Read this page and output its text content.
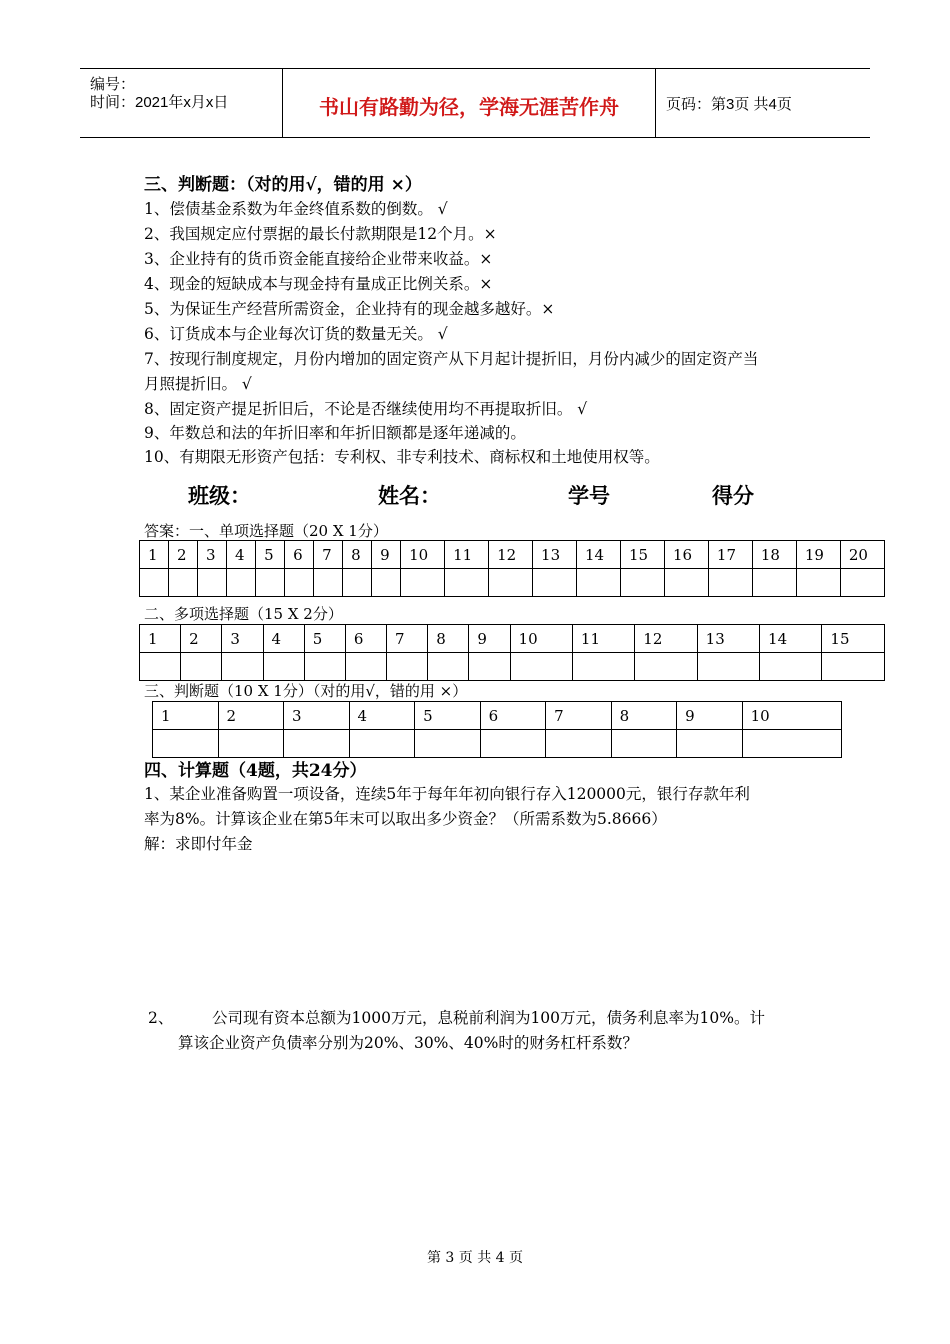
编号：
时间：2021年x月x日	书山有路勤为径，学海无涯苦作舟	页码：第3页 共4页
三、判断题：（对的用√，错的用 ×）
1、偿债基金系数为年金终值系数的倒数。 √
2、我国规定应付票据的最长付款期限是12个月。×
3、企业持有的货币资金能直接给企业带来收益。×
4、现金的短缺成本与现金持有量成正比例关系。×
5、为保证生产经营所需资金，企业持有的现金越多越好。×
6、订货成本与企业每次订货的数量无关。 √
7、按现行制度规定，月份内增加的固定资产从下月起计提折旧，月份内减少的固定资产当
月照提折旧。 √
8、固定资产提足折旧后，不论是否继续使用均不再提取折旧。 √
9、年数总和法的年折旧率和年折旧额都是逐年递减的。
10、有期限无形资产包括：专利权、非专利技术、商标权和土地使用权等。
班级：	姓名：	学号	得分
答案：一、单项选择题（20 X 1分）
1	2	3	4	5	6	7	8	9	10	11	12	13	14	15	16	17	18	19	20

二、多项选择题（15 X 2分）
1	2	3	4	5	6	7	8	9	10	11	12	13	14	15

三、判断题（10 X 1分）（对的用√，错的用 ×）
1	2	3	4	5	6	7	8	9	10

四、计算题（4题，共24分）
1、某企业准备购置一项设备，连续5年于每年年初向银行存入120000元，银行存款年利
率为8%。计算该企业在第5年末可以取出多少资金？（所需系数为5.8666）
解：求即付年金
2、 公司现有资本总额为1000万元，息税前利润为100万元，债务利息率为10%。计
算该企业资产负债率分别为20%、30%、40%时的财务杠杆系数？
第 3 页 共 4 页
